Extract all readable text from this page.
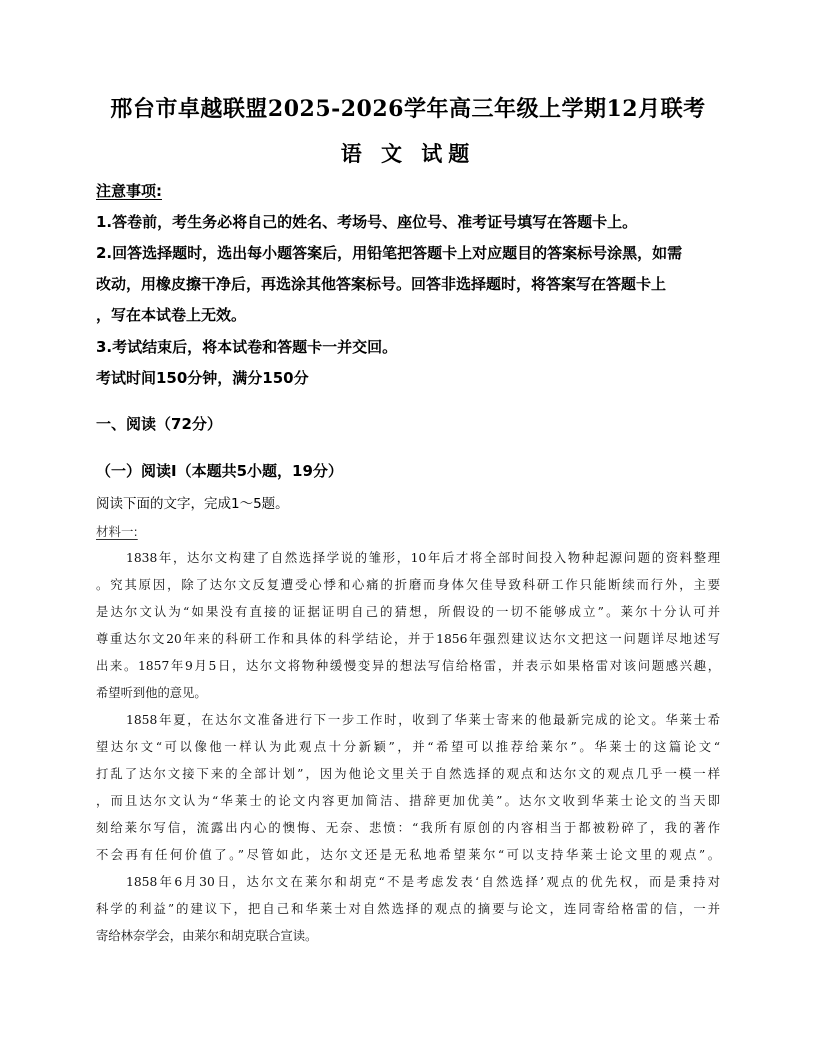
邢台市卓越联盟2025-2026学年高三年级上学期12月联考
语 文 试题
注意事项:
1.答卷前，考生务必将自己的姓名、考场号、座位号、准考证号填写在答题卡上。
2.回答选择题时，选出每小题答案后，用铅笔把答题卡上对应题目的答案标号涂黑，如需
改动，用橡皮擦干净后，再选涂其他答案标号。回答非选择题时，将答案写在答题卡上
，写在本试卷上无效。
3.考试结束后，将本试卷和答题卡一并交回。
考试时间150分钟，满分150分
一、阅读（72分）
（一）阅读I（本题共5小题，19分）
阅读下面的文字，完成1～5题。
材料一:
1838年，达尔文构建了自然选择学说的雏形，10年后才将全部时间投入物种起源问题的资料整理
。究其原因，除了达尔文反复遭受心悸和心痛的折磨而身体欠佳导致科研工作只能断续而行外，主要
是达尔文认为“如果没有直接的证据证明自己的猜想，所假设的一切不能够成立”。莱尔十分认可并
尊重达尔文20年来的科研工作和具体的科学结论，并于1856年强烈建议达尔文把这一问题详尽地述写
出来。1857年9月5日，达尔文将物种缓慢变异的想法写信给格雷，并表示如果格雷对该问题感兴趣，
希望听到他的意见。
1858年夏，在达尔文准备进行下一步工作时，收到了华莱士寄来的他最新完成的论文。华莱士希
望达尔文“可以像他一样认为此观点十分新颖”，并“希望可以推荐给莱尔”。华莱士的这篇论文“
打乱了达尔文接下来的全部计划”，因为他论文里关于自然选择的观点和达尔文的观点几乎一模一样
，而且达尔文认为“华莱士的论文内容更加简洁、措辞更加优美”。达尔文收到华莱士论文的当天即
刻给莱尔写信，流露出内心的懊悔、无奈、悲愤：“我所有原创的内容相当于都被粉碎了，我的著作
不会再有任何价值了。”尽管如此，达尔文还是无私地希望莱尔“可以支持华莱士论文里的观点”。
1858年6月30日，达尔文在莱尔和胡克“不是考虑发表‘自然选择’观点的优先权，而是秉持对
科学的利益”的建议下，把自己和华莱士对自然选择的观点的摘要与论文，连同寄给格雷的信，一并
寄给林奈学会，由莱尔和胡克联合宣读。
